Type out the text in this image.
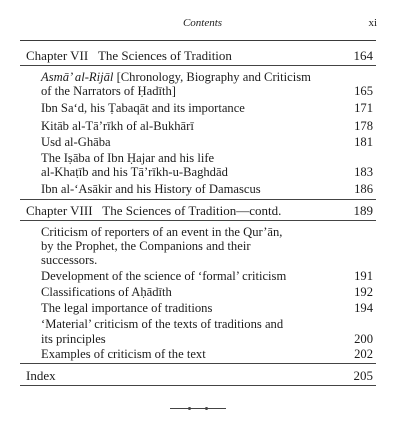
Contents	xi
Chapter VII The Sciences of Tradition	164
Asmā’ al-Rijāl [Chronology, Biography and Criticism
of the Narrators of Ḥadīth]	165
Ibn Sa‘d, his Ṭabaqāt and its importance	171
Kitāb al-Tā’rīkh of al-Bukhārī	178
Usd al-Ghāba	181
The Iṣāba of Ibn Ḥajar and his life
al-Khaṭīb and his Tā’rīkh-u-Baghdād	183
Ibn al-‘Asākir and his History of Damascus	186
Chapter VIII The Sciences of Tradition—contd.	189
Criticism of reporters of an event in the Qur’ān,
by the Prophet, the Companions and their
successors.
Development of the science of ‘formal’ criticism	191
Classifications of Aḥādīth	192
The legal importance of traditions	194
‘Material’ criticism of the texts of traditions and
its principles	200
Examples of criticism of the text	202
Index	205
